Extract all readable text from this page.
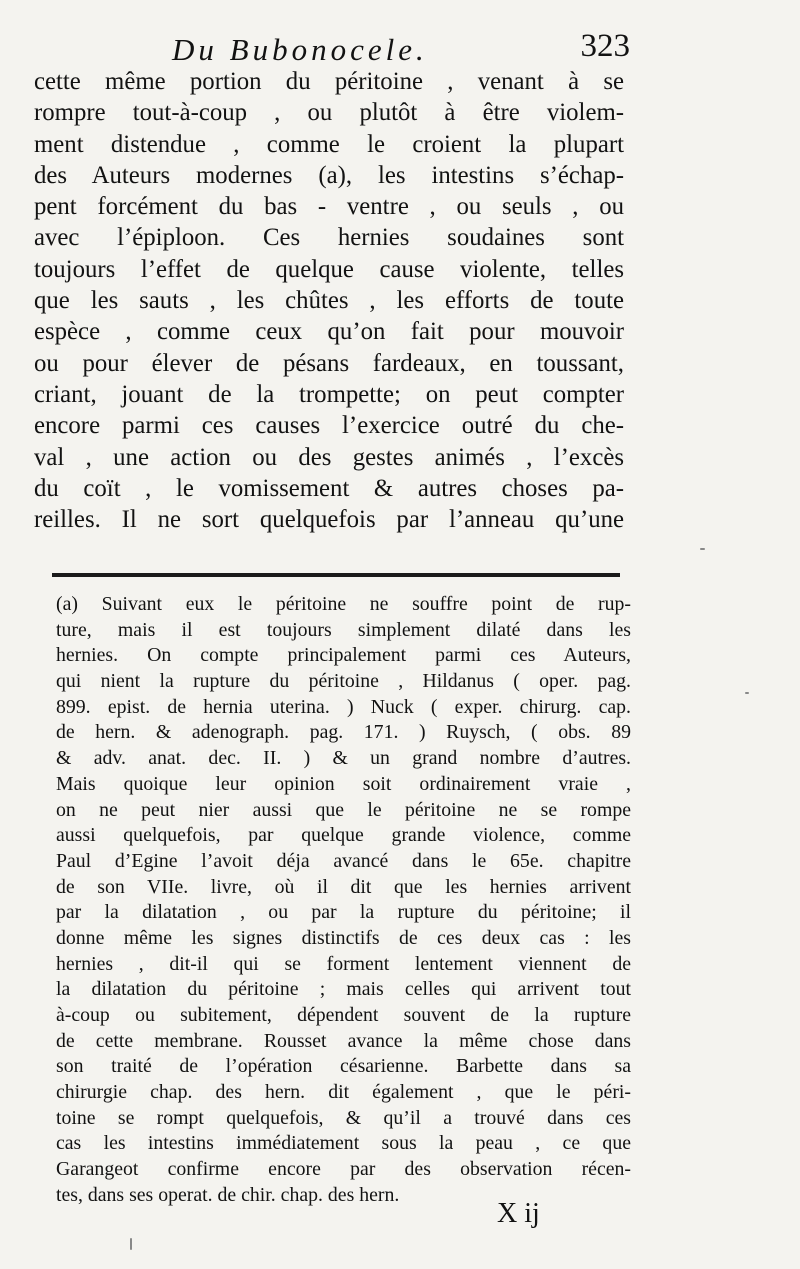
Du Bubonocele.	323
cette même portion du péritoine , venant à se
rompre tout-à-coup , ou plutôt à être violem-
ment distendue , comme le croient la plupart
des Auteurs modernes (a), les intestins s’échap-
pent forcément du bas - ventre , ou seuls , ou
avec l’épiploon. Ces hernies soudaines sont
toujours l’effet de quelque cause violente, telles
que les sauts , les chûtes , les efforts de toute
espèce , comme ceux qu’on fait pour mouvoir
ou pour élever de pésans fardeaux, en toussant,
criant, jouant de la trompette; on peut compter
encore parmi ces causes l’exercice outré du che-
val , une action ou des gestes animés , l’excès
du coït , le vomissement & autres choses pa-
reilles. Il ne sort quelquefois par l’anneau qu’une
(a) Suivant eux le péritoine ne souffre point de rup-
ture, mais il est toujours simplement dilaté dans les
hernies. On compte principalement parmi ces Auteurs,
qui nient la rupture du péritoine , Hildanus ( oper. pag.
899. epist. de hernia uterina. ) Nuck ( exper. chirurg. cap.
de hern. & adenograph. pag. 171. ) Ruysch, ( obs. 89
& adv. anat. dec. II. ) & un grand nombre d’autres.
Mais quoique leur opinion soit ordinairement vraie ,
on ne peut nier aussi que le péritoine ne se rompe
aussi quelquefois, par quelque grande violence, comme
Paul d’Egine l’avoit déja avancé dans le 65e. chapitre
de son VIIe. livre, où il dit que les hernies arrivent
par la dilatation , ou par la rupture du péritoine; il
donne même les signes distinctifs de ces deux cas : les
hernies , dit-il qui se forment lentement viennent de
la dilatation du péritoine ; mais celles qui arrivent tout
à-coup ou subitement, dépendent souvent de la rupture
de cette membrane. Rousset avance la même chose dans
son traité de l’opération césarienne. Barbette dans sa
chirurgie chap. des hern. dit également , que le péri-
toine se rompt quelquefois, & qu’il a trouvé dans ces
cas les intestins immédiatement sous la peau , ce que
Garangeot confirme encore par des observation récen-
tes, dans ses operat. de chir. chap. des hern.
X ij
